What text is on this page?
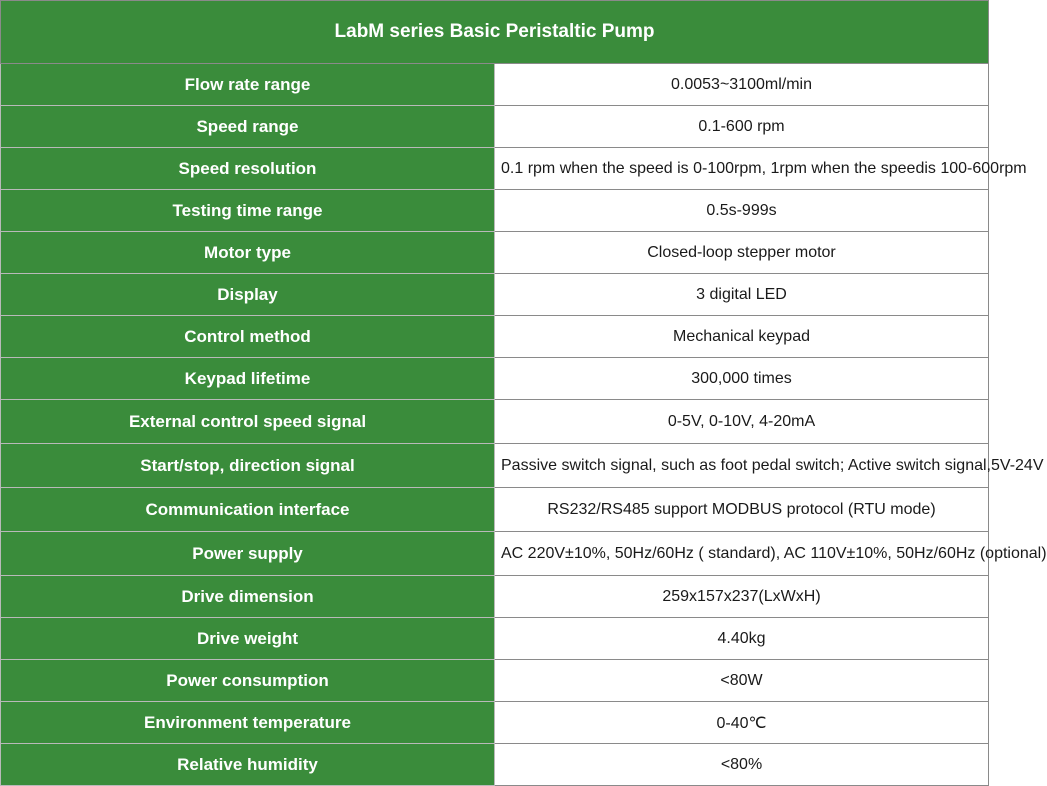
LabM series Basic Peristaltic Pump	
Flow rate range	0.0053~3100ml/min
Speed range	0.1-600 rpm
Speed resolution	0.1 rpm when the speed is 0-100rpm, 1rpm when the speedis 100-600rpm
Testing time range	0.5s-999s
Motor type	Closed-loop stepper motor
Display	3 digital LED
Control method	Mechanical keypad
Keypad lifetime	300,000 times
External control speed signal	0-5V, 0-10V, 4-20mA
Start/stop, direction signal	Passive switch signal, such as foot pedal switch; Active switch signal,5V-24V
Communication interface	RS232/RS485 support MODBUS protocol (RTU mode)
Power supply	AC 220V±10%, 50Hz/60Hz ( standard), AC 110V±10%, 50Hz/60Hz (optional)
Drive dimension	259x157x237(LxWxH)
Drive weight	4.40kg
Power consumption	<80W
Environment temperature	0-40℃
Relative humidity	<80%
